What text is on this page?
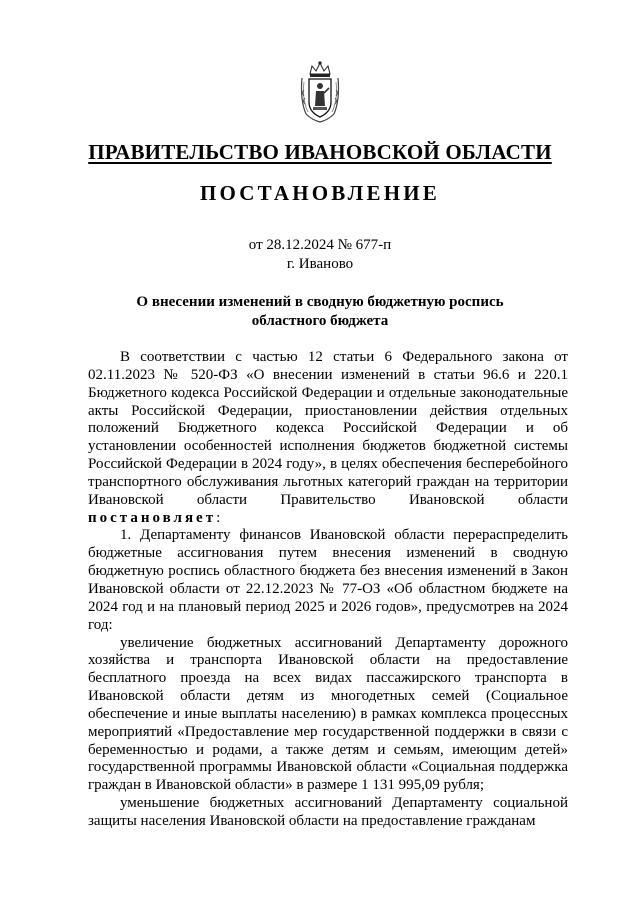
ПРАВИТЕЛЬСТВО ИВАНОВСКОЙ ОБЛАСТИ
ПОСТАНОВЛЕНИЕ
от 28.12.2024 № 677-п
г. Иваново
О внесении изменений в сводную бюджетную роспись
областного бюджета

В соответствии с частью 12 статьи 6 Федерального закона от 02.11.2023 № 520-ФЗ «О внесении изменений в статьи 96.6 и 220.1 Бюджетного кодекса Российской Федерации и отдельные законодательные акты Российской Федерации, приостановлении действия отдельных положений Бюджетного кодекса Российской Федерации и об установлении особенностей исполнения бюджетов бюджетной системы Российской Федерации в 2024 году», в целях обеспечения бесперебойного транспортного обслуживания льготных категорий граждан на территории Ивановской области Правительство Ивановской области постановляет:

1. Департаменту финансов Ивановской области перераспределить бюджетные ассигнования путем внесения изменений в сводную бюджетную роспись областного бюджета без внесения изменений в Закон Ивановской области от 22.12.2023 № 77-ОЗ «Об областном бюджете на 2024 год и на плановый период 2025 и 2026 годов», предусмотрев на 2024 год:

увеличение бюджетных ассигнований Департаменту дорожного хозяйства и транспорта Ивановской области на предоставление бесплатного проезда на всех видах пассажирского транспорта в Ивановской области детям из многодетных семей (Социальное обеспечение и иные выплаты населению) в рамках комплекса процессных мероприятий «Предоставление мер государственной поддержки в связи с беременностью и родами, а также детям и семьям, имеющим детей» государственной программы Ивановской области «Социальная поддержка граждан в Ивановской области» в размере 1 131 995,09 рубля;

уменьшение бюджетных ассигнований Департаменту социальной защиты населения Ивановской области на предоставление гражданам
